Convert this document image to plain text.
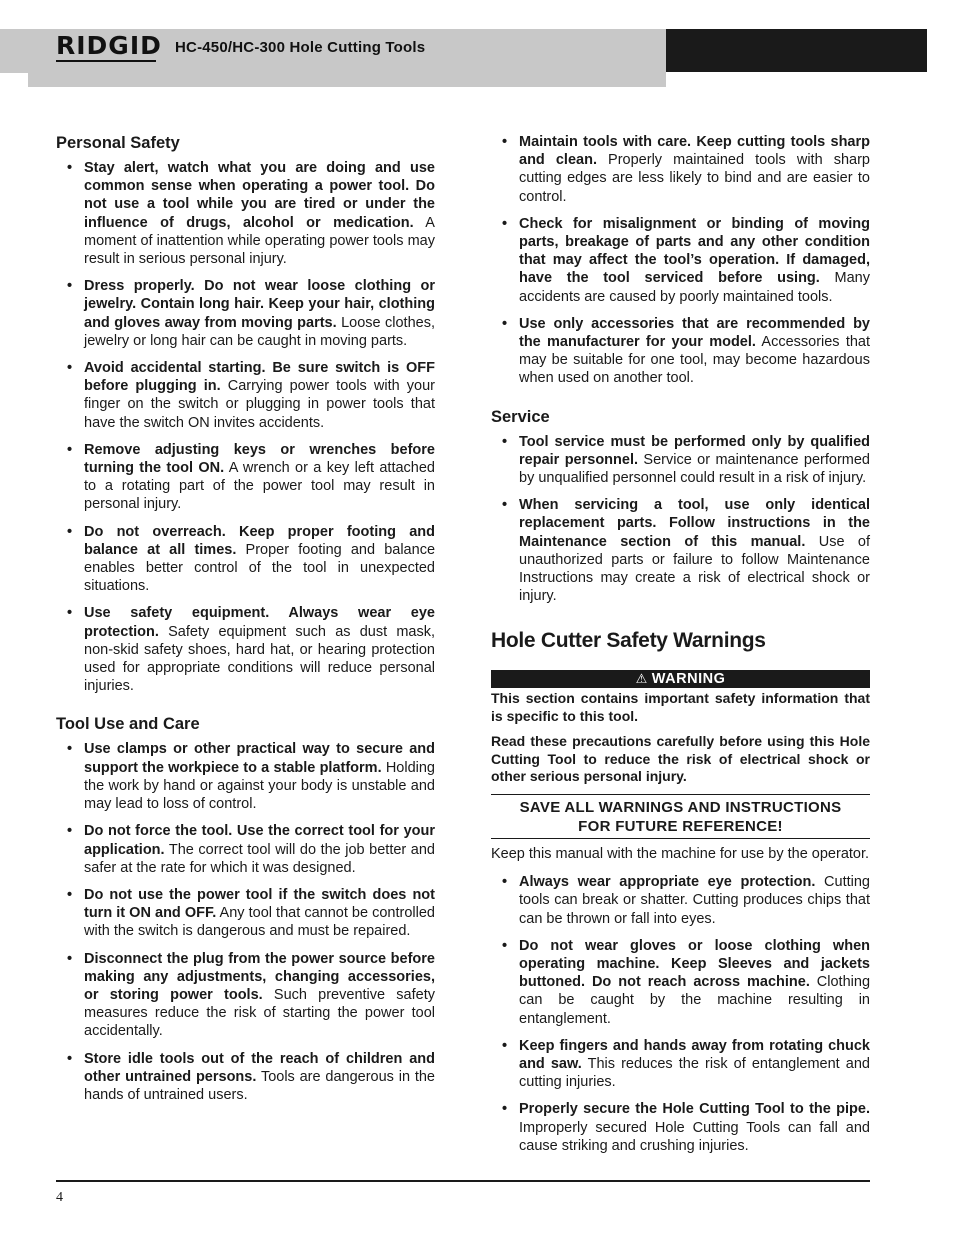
RIDGID HC-450/HC-300 Hole Cutting Tools
Personal Safety
• Stay alert, watch what you are doing and use common sense when operating a power tool. Do not use a tool while you are tired or under the influence of drugs, alcohol or medication. A moment of inattention while operating power tools may result in serious personal injury.
• Dress properly. Do not wear loose clothing or jewelry. Contain long hair. Keep your hair, clothing and gloves away from moving parts. Loose clothes, jewelry or long hair can be caught in moving parts.
• Avoid accidental starting. Be sure switch is OFF before plugging in. Carrying power tools with your finger on the switch or plugging in power tools that have the switch ON invites accidents.
• Remove adjusting keys or wrenches before turning the tool ON. A wrench or a key left attached to a rotating part of the power tool may result in personal injury.
• Do not overreach. Keep proper footing and balance at all times. Proper footing and balance enables better control of the tool in unexpected situations.
• Use safety equipment. Always wear eye protection. Safety equipment such as dust mask, non-skid safety shoes, hard hat, or hearing protection used for appropriate conditions will reduce personal injuries.
Tool Use and Care
• Use clamps or other practical way to secure and support the workpiece to a stable platform. Holding the work by hand or against your body is unstable and may lead to loss of control.
• Do not force the tool. Use the correct tool for your application. The correct tool will do the job better and safer at the rate for which it was designed.
• Do not use the power tool if the switch does not turn it ON and OFF. Any tool that cannot be controlled with the switch is dangerous and must be repaired.
• Disconnect the plug from the power source before making any adjustments, changing accessories, or storing power tools. Such preventive safety measures reduce the risk of starting the power tool accidentally.
• Store idle tools out of the reach of children and other untrained persons. Tools are dangerous in the hands of untrained users.
• Maintain tools with care. Keep cutting tools sharp and clean. Properly maintained tools with sharp cutting edges are less likely to bind and are easier to control.
• Check for misalignment or binding of moving parts, breakage of parts and any other condition that may affect the tool’s operation. If damaged, have the tool serviced before using. Many accidents are caused by poorly maintained tools.
• Use only accessories that are recommended by the manufacturer for your model. Accessories that may be suitable for one tool, may become hazardous when used on another tool.
Service
• Tool service must be performed only by qualified repair personnel. Service or maintenance performed by unqualified personnel could result in a risk of injury.
• When servicing a tool, use only identical replacement parts. Follow instructions in the Maintenance section of this manual. Use of unauthorized parts or failure to follow Maintenance Instructions may create a risk of electrical shock or injury.
Hole Cutter Safety Warnings
⚠ WARNING

This section contains important safety information that is specific to this tool.

Read these precautions carefully before using this Hole Cutting Tool to reduce the risk of electrical shock or other serious personal injury.

SAVE ALL WARNINGS AND INSTRUCTIONS
FOR FUTURE REFERENCE!

Keep this manual with the machine for use by the operator.

• Always wear appropriate eye protection. Cutting tools can break or shatter. Cutting produces chips that can be thrown or fall into eyes.
• Do not wear gloves or loose clothing when operating machine. Keep Sleeves and jackets buttoned. Do not reach across machine. Clothing can be caught by the machine resulting in entanglement.
• Keep fingers and hands away from rotating chuck and saw. This reduces the risk of entanglement and cutting injuries.
• Properly secure the Hole Cutting Tool to the pipe. Improperly secured Hole Cutting Tools can fall and cause striking and crushing injuries.
4
